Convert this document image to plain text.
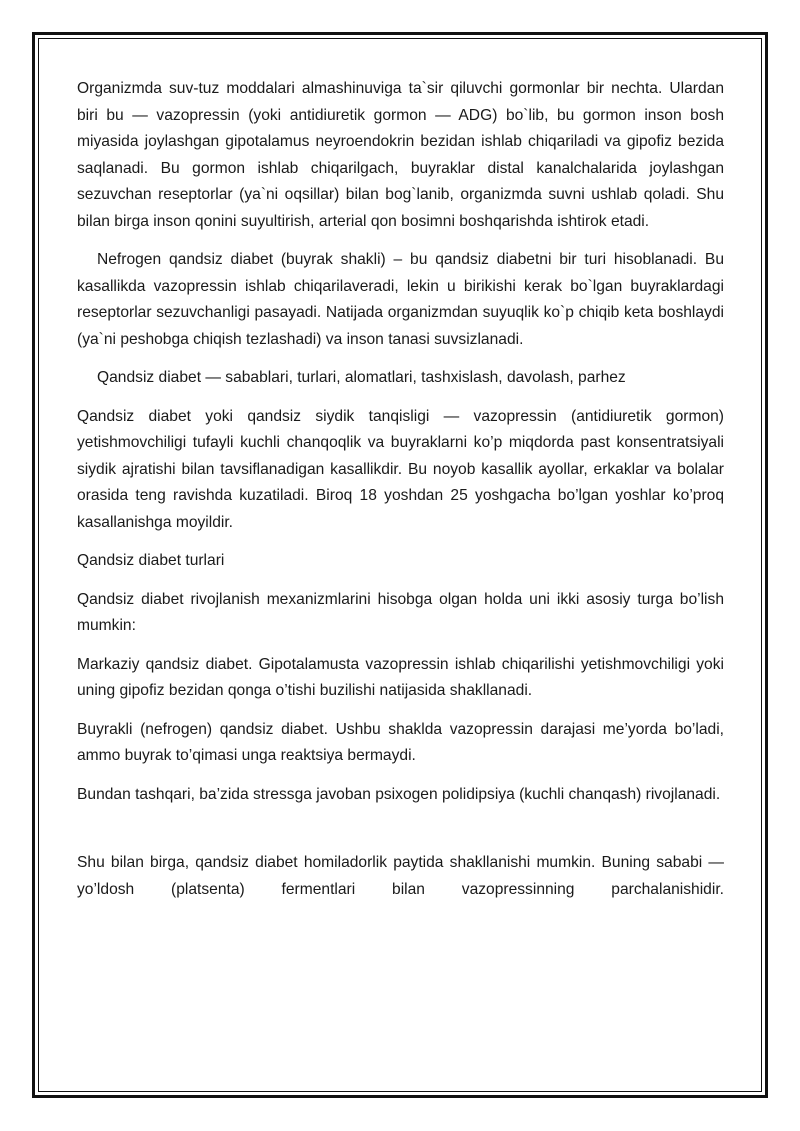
Organizmda suv-tuz moddalari almashinuviga ta`sir qiluvchi gormonlar bir nechta. Ulardan biri bu — vazopressin (yoki antidiuretik gormon — ADG) bo`lib, bu gormon inson bosh miyasida joylashgan gipotalamus neyroendokrin bezidan ishlab chiqariladi va gipofiz bezida saqlanadi. Bu gormon ishlab chiqarilgach, buyraklar distal kanalchalarida joylashgan sezuvchan reseptorlar (ya`ni oqsillar) bilan bog`lanib, organizmda suvni ushlab qoladi. Shu bilan birga inson qonini suyultirish, arterial qon bosimni boshqarishda ishtirok etadi.

Nefrogen qandsiz diabet (buyrak shakli) – bu qandsiz diabetni bir turi hisoblanadi. Bu kasallikda vazopressin ishlab chiqarilaveradi, lekin u birikishi kerak bo`lgan buyraklardagi reseptorlar sezuvchanligi pasayadi. Natijada organizmdan suyuqlik ko`p chiqib keta boshlaydi (ya`ni peshobga chiqish tezlashadi) va inson tanasi suvsizlanadi.

Qandsiz diabet — sabablari, turlari, alomatlari, tashxislash, davolash, parhez

Qandsiz diabet yoki qandsiz siydik tanqisligi — vazopressin (antidiuretik gormon) yetishmovchiligi tufayli kuchli chanqoqlik va buyraklarni ko’p miqdorda past konsentratsiyali siydik ajratishi bilan tavsiflanadigan kasallikdir. Bu noyob kasallik ayollar, erkaklar va bolalar orasida teng ravishda kuzatiladi. Biroq 18 yoshdan 25 yoshgacha bo’lgan yoshlar ko’proq kasallanishga moyildir.

Qandsiz diabet turlari

Qandsiz diabet rivojlanish mexanizmlarini hisobga olgan holda uni ikki asosiy turga bo’lish mumkin:

Markaziy qandsiz diabet. Gipotalamusta vazopressin ishlab chiqarilishi yetishmovchiligi yoki uning gipofiz bezidan qonga o’tishi buzilishi natijasida shakllanadi.

Buyrakli (nefrogen) qandsiz diabet. Ushbu shaklda vazopressin darajasi me’yorda bo’ladi, ammo buyrak to’qimasi unga reaktsiya bermaydi.

Bundan tashqari, ba’zida stressga javoban psixogen polidipsiya (kuchli chanqash) rivojlanadi.

Shu bilan birga, qandsiz diabet homiladorlik paytida shakllanishi mumkin. Buning sababi — yo’ldosh (platsenta) fermentlari bilan vazopressinning parchalanishidir.
